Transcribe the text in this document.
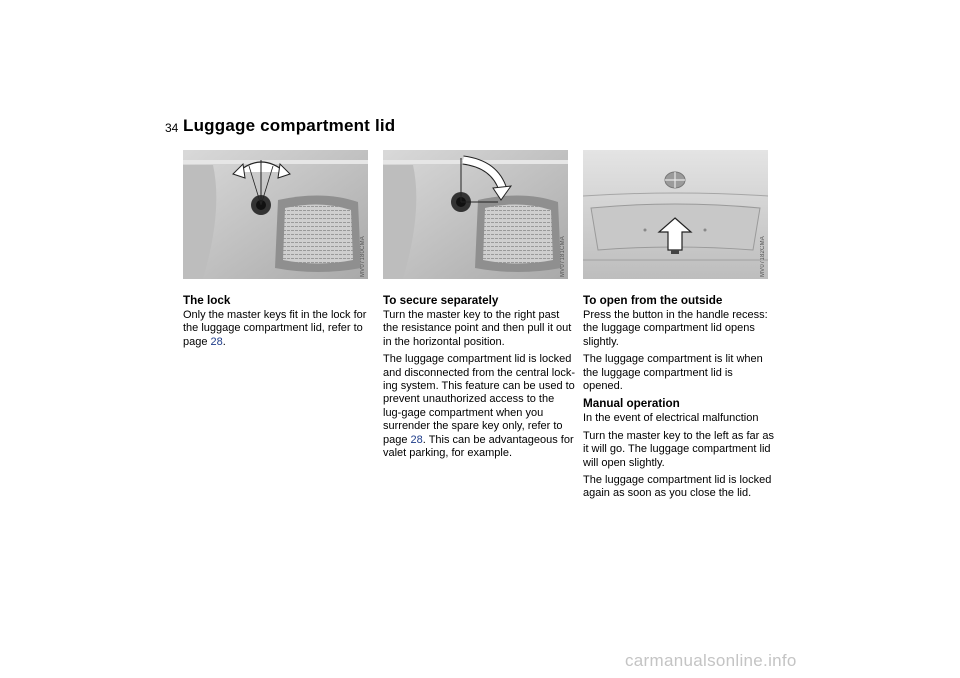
34 Luggage compartment lid
MV07180CMA	MV07181CMA	MV07182CMA
The lock

Only the master keys fit in the lock for the luggage compartment lid, refer to page 28.

To secure separately

Turn the master key to the right past the resistance point and then pull it out in the horizontal position.

The luggage compartment lid is locked and disconnected from the central lock-ing system. This feature can be used to prevent unauthorized access to the lug-gage compartment when you surrender the spare key only, refer to page 28. This can be advantageous for valet parking, for example.

To open from the outside

Press the button in the handle recess: the luggage compartment lid opens slightly.

The luggage compartment is lit when the luggage compartment lid is opened.

Manual operation

In the event of electrical malfunction

Turn the master key to the left as far as it will go. The luggage compartment lid will open slightly.

The luggage compartment lid is locked again as soon as you close the lid.

carmanualsonline.info
